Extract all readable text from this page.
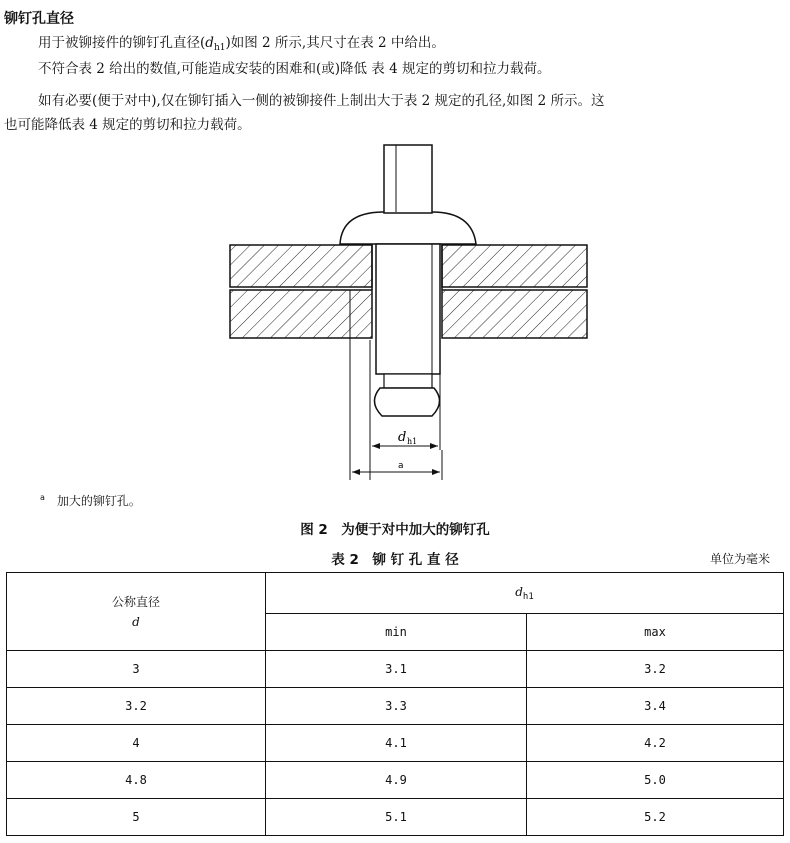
铆钉孔直径
用于被铆接件的铆钉孔直径$(d_{h1})$如图 2 所示,其尺寸在表 2 中给出。
不符合表 2 给出的数值,可能造成安装的困难和(或)降低 表 4 规定的剪切和拉力载荷。
如有必要(便于对中),仅在铆钉插入一侧的被铆接件上制出大于表 2 规定的孔径,如图 2 所示。这
也可能降低表 4 规定的剪切和拉力载荷。
d h1
a
$^a$ 加大的铆钉孔。
图 2　为便于对中加大的铆钉孔
表 2　铆 钉 孔 直 径	单位为毫米
公称直径
d	$d_{h1}$
	min	max
3	3.1	3.2
3.2	3.3	3.4
4	4.1	4.2
4.8	4.9	5.0
5	5.1	5.2
